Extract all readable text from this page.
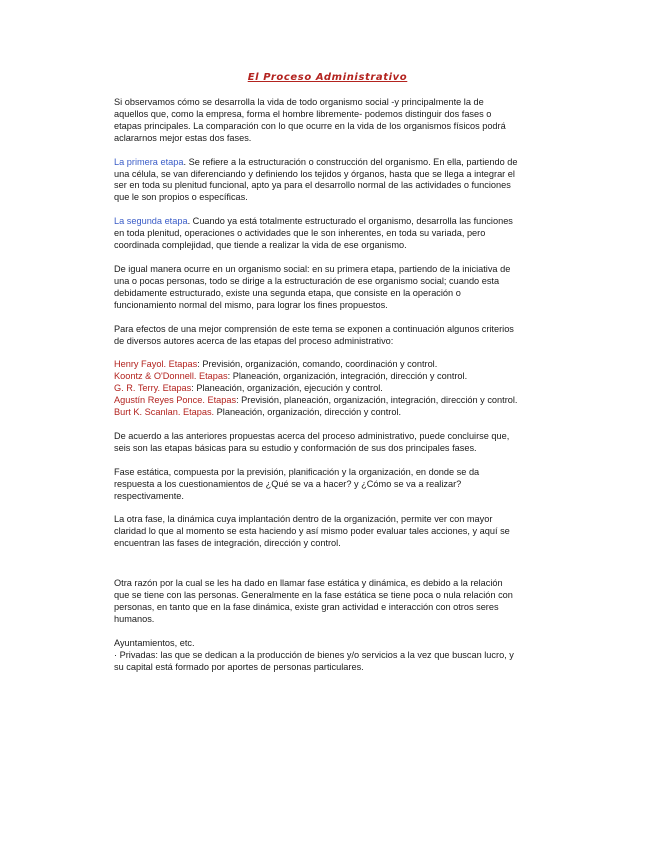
El Proceso Administrativo

Si observamos cómo se desarrolla la vida de todo organismo social -y principalmente la de aquellos que, como la empresa, forma el hombre libremente- podemos distinguir dos fases o etapas principales. La comparación con lo que ocurre en la vida de los organismos físicos podrá aclararnos mejor estas dos fases.

La primera etapa. Se refiere a la estructuración o construcción del organismo. En ella, partiendo de una célula, se van diferenciando y definiendo los tejidos y órganos, hasta que se llega a integrar el ser en toda su plenitud funcional, apto ya para el desarrollo normal de las actividades o funciones que le son propios o específicas.

La segunda etapa. Cuando ya está totalmente estructurado el organismo, desarrolla las funciones en toda plenitud, operaciones o actividades que le son inherentes, en toda su variada, pero coordinada complejidad, que tiende a realizar la vida de ese organismo.

De igual manera ocurre en un organismo social: en su primera etapa, partiendo de la iniciativa de una o pocas personas, todo se dirige a la estructuración de ese organismo social; cuando esta debidamente estructurado, existe una segunda etapa, que consiste en la operación o funcionamiento normal del mismo, para lograr los fines propuestos.

Para efectos de una mejor comprensión de este tema se exponen a continuación algunos criterios de diversos autores acerca de las etapas del proceso administrativo:

Henry Fayol. Etapas: Previsión, organización, comando, coordinación y control.
Koontz & O'Donnell. Etapas: Planeación, organización, integración, dirección y control.
G. R. Terry. Etapas: Planeación, organización, ejecución y control.
Agustín Reyes Ponce. Etapas: Previsión, planeación, organización, integración, dirección y control.
Burt K. Scanlan. Etapas. Planeación, organización, dirección y control.

De acuerdo a las anteriores propuestas acerca del proceso administrativo, puede concluirse que, seis son las etapas básicas para su estudio y conformación de sus dos principales fases.

Fase estática, compuesta por la previsión, planificación y la organización, en donde se da respuesta a los cuestionamientos de ¿Qué se va a hacer? y ¿Cómo se va a realizar? respectivamente.

La otra fase, la dinámica cuya implantación dentro de la organización, permite ver con mayor claridad lo que al momento se esta haciendo y así mismo poder evaluar tales acciones, y aquí se encuentran las fases de integración, dirección y control.

Otra razón por la cual se les ha dado en llamar fase estática y dinámica, es debido a la relación que se tiene con las personas. Generalmente en la fase estática se tiene poca o nula relación con personas, en tanto que en la fase dinámica, existe gran actividad e interacción con otros seres humanos.

Ayuntamientos, etc.

· Privadas: las que se dedican a la producción de bienes y/o servicios a la vez que buscan lucro, y su capital está formado por aportes de personas particulares.
